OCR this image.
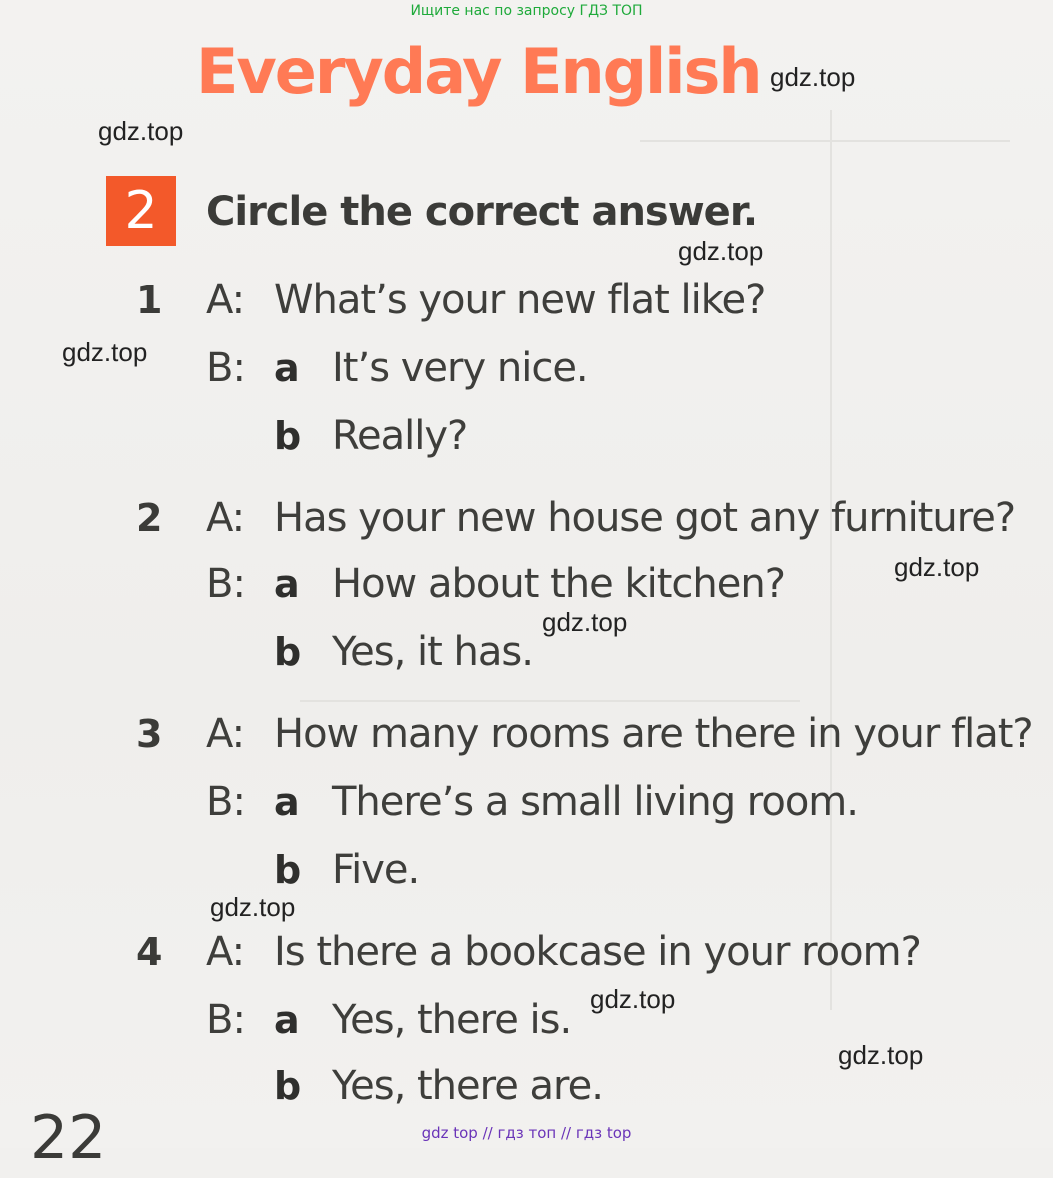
Ищите нас по запросу ГДЗ ТОП
Everyday English
2	Circle the correct answer.
1 A: What’s your new flat like?
B: a It’s very nice.
b Really?
2 A: Has your new house got any furniture?
B: a How about the kitchen?
b Yes, it has.
3 A: How many rooms are there in your flat?
B: a There’s a small living room.
b Five.
4 A: Is there a bookcase in your room?
B: a Yes, there is.
b Yes, there are.
gdz.top
gdz.top
gdz.top
gdz.top
gdz.top
gdz.top
gdz.top
gdz.top
gdz.top
22	gdz top // гдз топ // гдз top
